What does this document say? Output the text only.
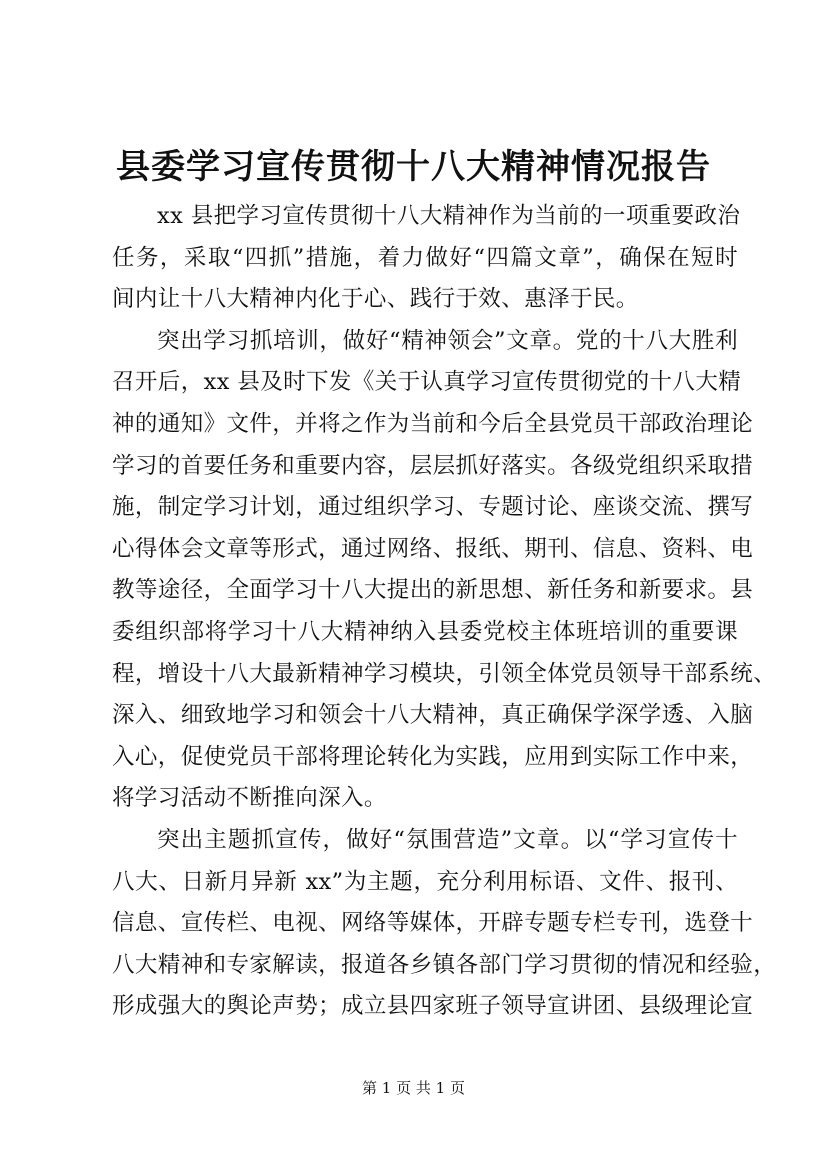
县委学习宣传贯彻十八大精神情况报告
xx 县把学习宣传贯彻十八大精神作为当前的一项重要政治
任务，采取“四抓”措施，着力做好“四篇文章”，确保在短时
间内让十八大精神内化于心、践行于效、惠泽于民。
突出学习抓培训，做好“精神领会”文章。党的十八大胜利
召开后，xx 县及时下发《关于认真学习宣传贯彻党的十八大精
神的通知》文件，并将之作为当前和今后全县党员干部政治理论
学习的首要任务和重要内容，层层抓好落实。各级党组织采取措
施，制定学习计划，通过组织学习、专题讨论、座谈交流、撰写
心得体会文章等形式，通过网络、报纸、期刊、信息、资料、电
教等途径，全面学习十八大提出的新思想、新任务和新要求。县
委组织部将学习十八大精神纳入县委党校主体班培训的重要课
程，增设十八大最新精神学习模块，引领全体党员领导干部系统、
深入、细致地学习和领会十八大精神，真正确保学深学透、入脑
入心，促使党员干部将理论转化为实践，应用到实际工作中来，
将学习活动不断推向深入。
突出主题抓宣传，做好“氛围营造”文章。以“学习宣传十
八大、日新月异新 xx”为主题，充分利用标语、文件、报刊、
信息、宣传栏、电视、网络等媒体，开辟专题专栏专刊，选登十
八大精神和专家解读，报道各乡镇各部门学习贯彻的情况和经验，
形成强大的舆论声势；成立县四家班子领导宣讲团、县级理论宣
第 1 页 共 1 页
